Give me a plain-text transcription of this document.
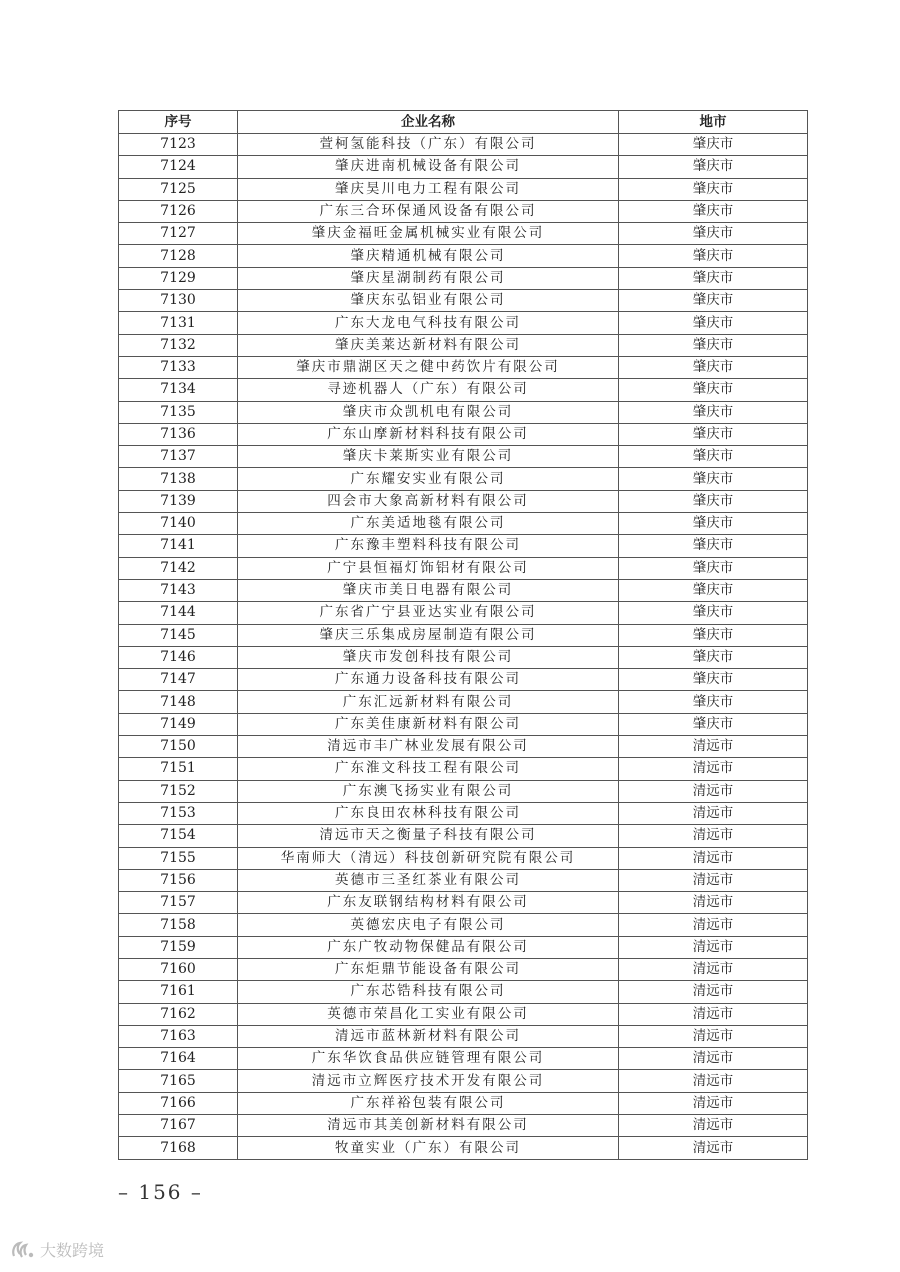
序号	企业名称	地市
7123	萱柯氢能科技（广东）有限公司	肇庆市
7124	肇庆进南机械设备有限公司	肇庆市
7125	肇庆昊川电力工程有限公司	肇庆市
7126	广东三合环保通风设备有限公司	肇庆市
7127	肇庆金福旺金属机械实业有限公司	肇庆市
7128	肇庆精通机械有限公司	肇庆市
7129	肇庆星湖制药有限公司	肇庆市
7130	肇庆东弘铝业有限公司	肇庆市
7131	广东大龙电气科技有限公司	肇庆市
7132	肇庆美莱达新材料有限公司	肇庆市
7133	肇庆市鼎湖区天之健中药饮片有限公司	肇庆市
7134	寻迹机器人（广东）有限公司	肇庆市
7135	肇庆市众凯机电有限公司	肇庆市
7136	广东山摩新材料科技有限公司	肇庆市
7137	肇庆卡莱斯实业有限公司	肇庆市
7138	广东耀安实业有限公司	肇庆市
7139	四会市大象高新材料有限公司	肇庆市
7140	广东美适地毯有限公司	肇庆市
7141	广东豫丰塑料科技有限公司	肇庆市
7142	广宁县恒福灯饰铝材有限公司	肇庆市
7143	肇庆市美日电器有限公司	肇庆市
7144	广东省广宁县亚达实业有限公司	肇庆市
7145	肇庆三乐集成房屋制造有限公司	肇庆市
7146	肇庆市发创科技有限公司	肇庆市
7147	广东通力设备科技有限公司	肇庆市
7148	广东汇远新材料有限公司	肇庆市
7149	广东美佳康新材料有限公司	肇庆市
7150	清远市丰广林业发展有限公司	清远市
7151	广东淮文科技工程有限公司	清远市
7152	广东澳飞扬实业有限公司	清远市
7153	广东良田农林科技有限公司	清远市
7154	清远市天之衡量子科技有限公司	清远市
7155	华南师大（清远）科技创新研究院有限公司	清远市
7156	英德市三圣红茶业有限公司	清远市
7157	广东友联钢结构材料有限公司	清远市
7158	英德宏庆电子有限公司	清远市
7159	广东广牧动物保健品有限公司	清远市
7160	广东炬鼎节能设备有限公司	清远市
7161	广东芯锆科技有限公司	清远市
7162	英德市荣昌化工实业有限公司	清远市
7163	清远市蓝林新材料有限公司	清远市
7164	广东华饮食品供应链管理有限公司	清远市
7165	清远市立辉医疗技术开发有限公司	清远市
7166	广东祥裕包装有限公司	清远市
7167	清远市其美创新材料有限公司	清远市
7168	牧童实业（广东）有限公司	清远市
– 156 –
大数跨境
